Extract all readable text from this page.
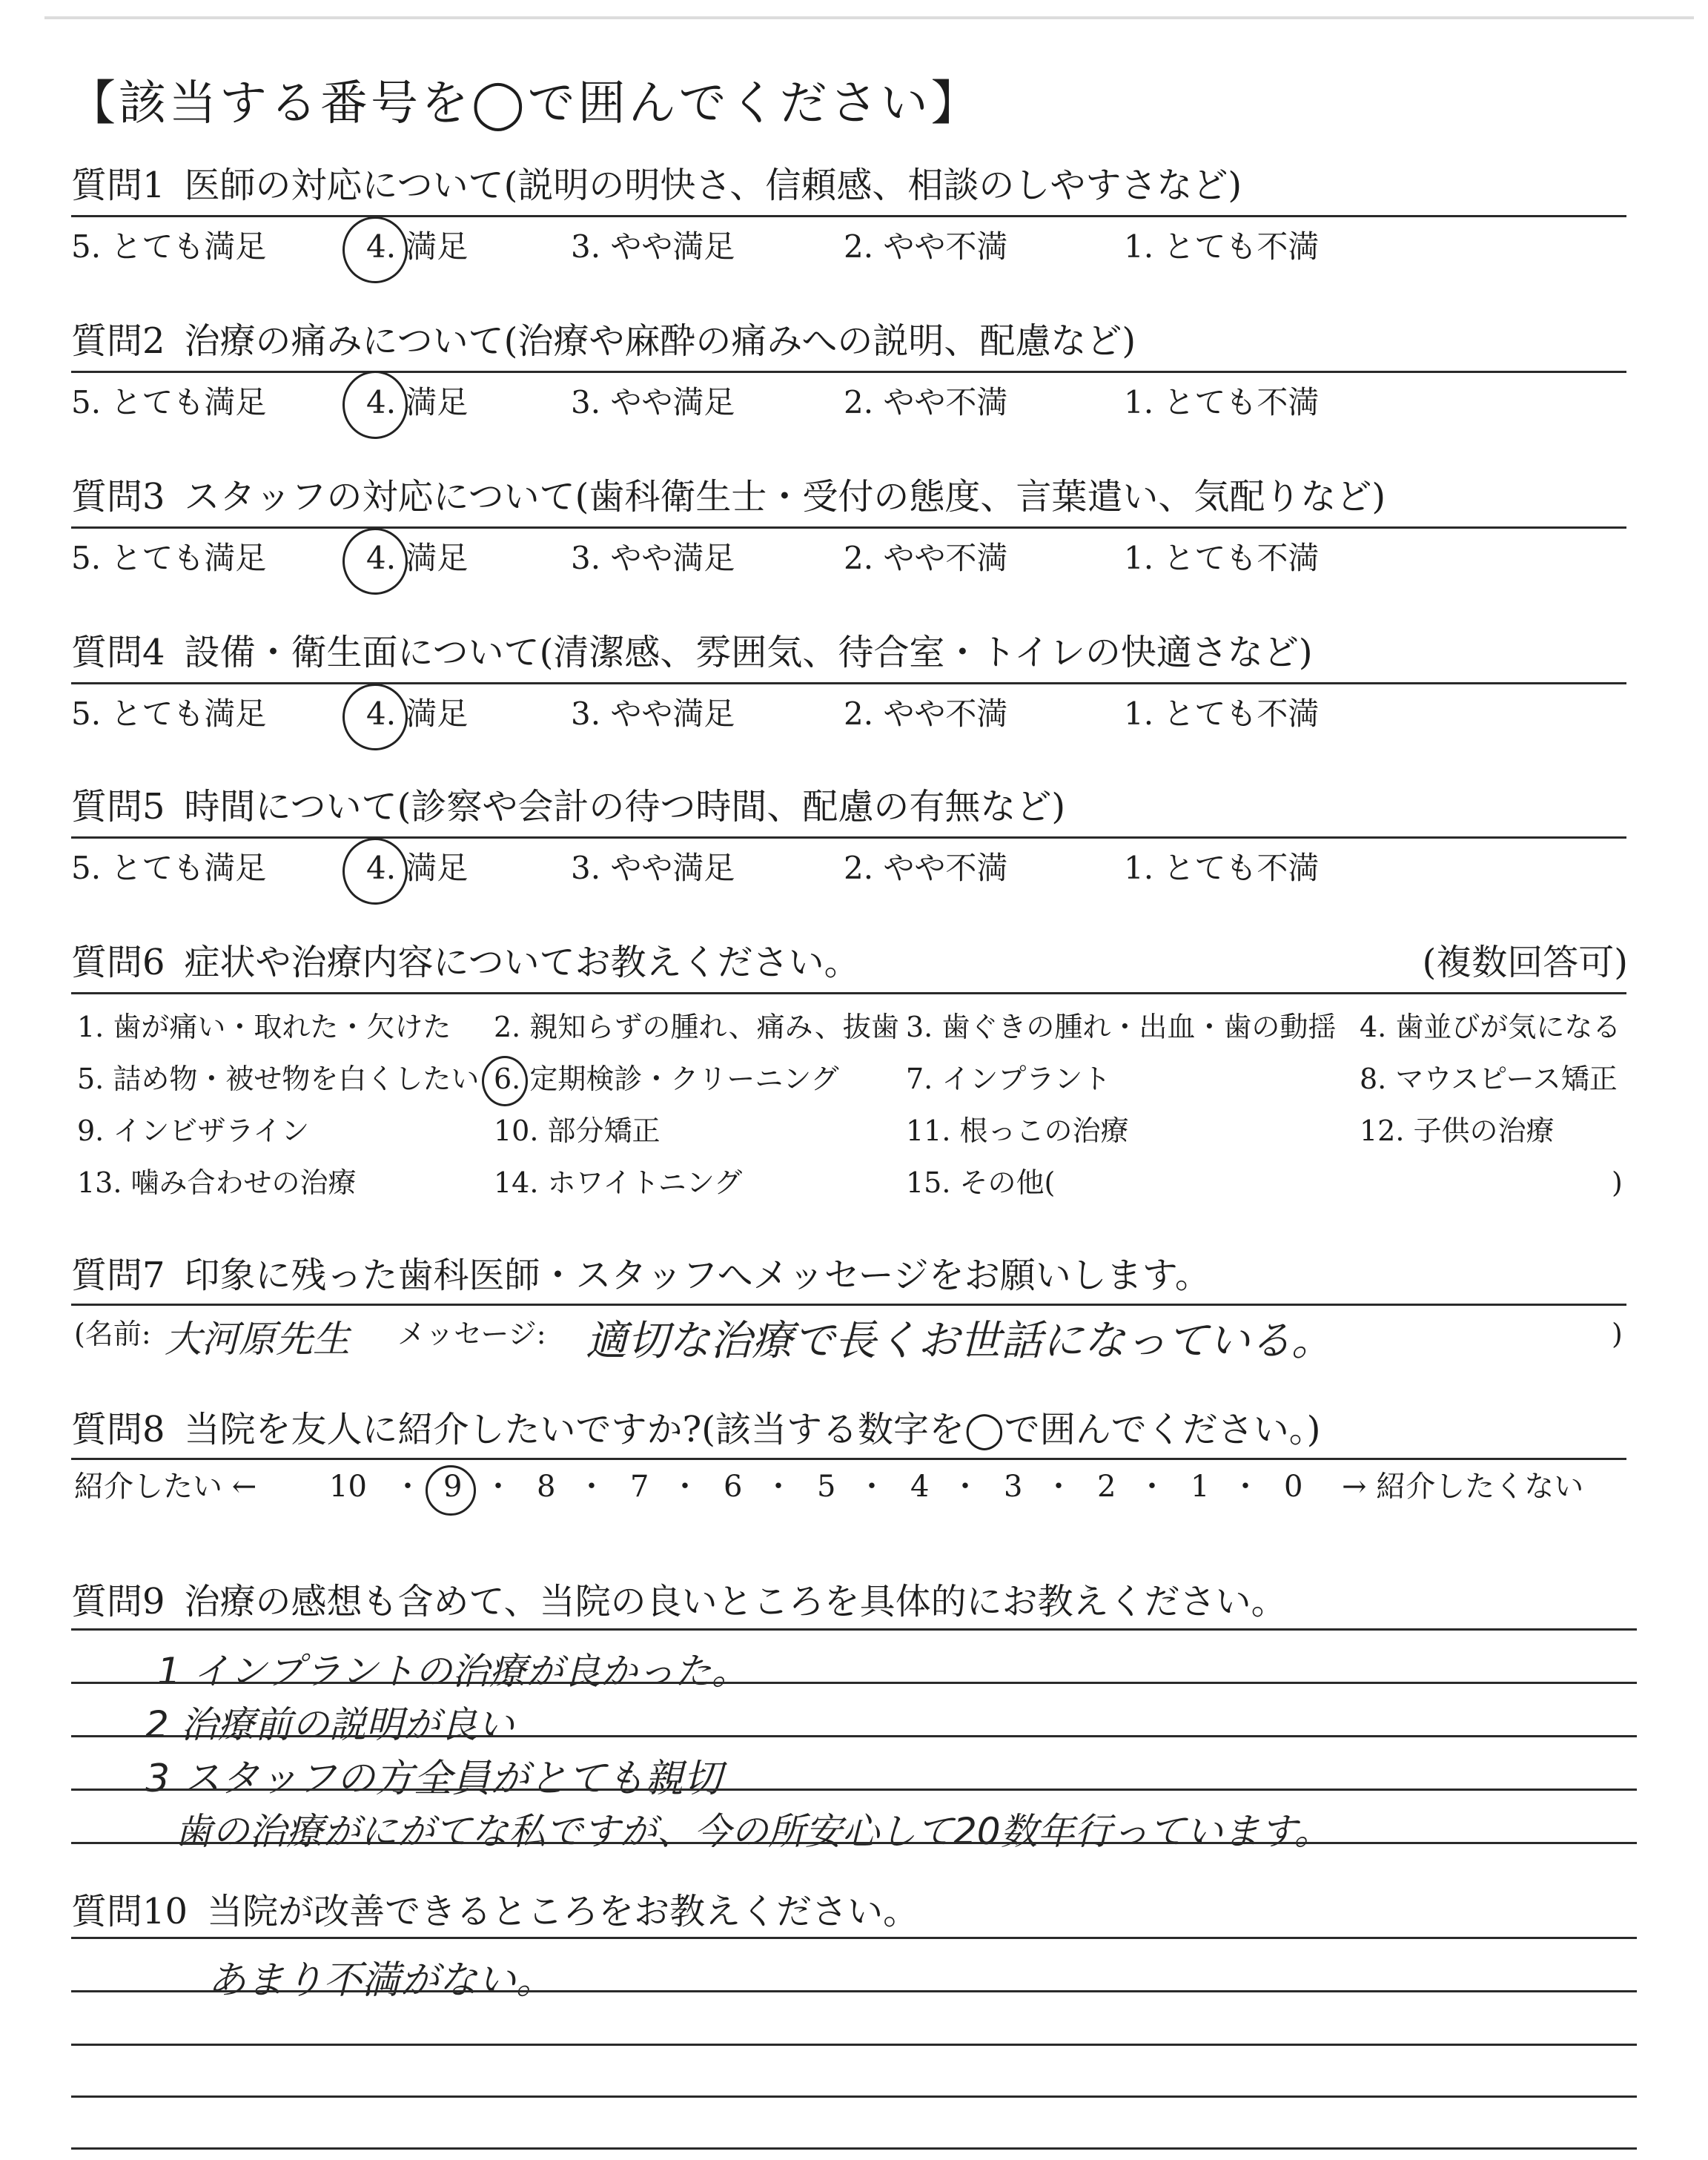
【該当する番号を◯で囲んでください】
質問1 医師の対応について(説明の明快さ、信頼感、相談のしやすさなど)
5. とても満足	4. 満足	3. やや満足	2. やや不満	1. とても不満
質問2 治療の痛みについて(治療や麻酔の痛みへの説明、配慮など)
5. とても満足	4. 満足	3. やや満足	2. やや不満	1. とても不満
質問3 スタッフの対応について(歯科衛生士・受付の態度、言葉遣い、気配りなど)
5. とても満足	4. 満足	3. やや満足	2. やや不満	1. とても不満
質問4 設備・衛生面について(清潔感、雰囲気、待合室・トイレの快適さなど)
5. とても満足	4. 満足	3. やや満足	2. やや不満	1. とても不満
質問5 時間について(診察や会計の待つ時間、配慮の有無など)
5. とても満足	4. 満足	3. やや満足	2. やや不満	1. とても不満
質問6 症状や治療内容についてお教えください。	(複数回答可)
1. 歯が痛い・取れた・欠けた 2. 親知らずの腫れ、痛み、抜歯 3. 歯ぐきの腫れ・出血・歯の動揺 4. 歯並びが気になる
5. 詰め物・被せ物を白くしたい 6. 定期検診・クリーニング 7. インプラント	8. マウスピース矯正
9. インビザライン	10. 部分矯正	11. 根っこの治療	12. 子供の治療
13. 噛み合わせの治療	14. ホワイトニング	15. その他(	)
質問7 印象に残った歯科医師・スタッフへメッセージをお願いします。
(名前: 大河原先生 メッセージ: 適切な治療で長くお世話になっている。	)
質問8 当院を友人に紹介したいですか?(該当する数字を◯で囲んでください。)
紹介したい ← 10 ・ 9 ・ 8 ・ 7 ・ 6 ・ 5 ・ 4 ・ 3 ・ 2 ・ 1 ・ 0 → 紹介したくない
質問9 治療の感想も含めて、当院の良いところを具体的にお教えください。
1 インプラントの治療が良かった。
2 治療前の説明が良い
3 スタッフの方全員がとても親切
歯の治療がにがてな私ですが、今の所安心して20数年行っています。
質問10 当院が改善できるところをお教えください。
あまり不満がない。
